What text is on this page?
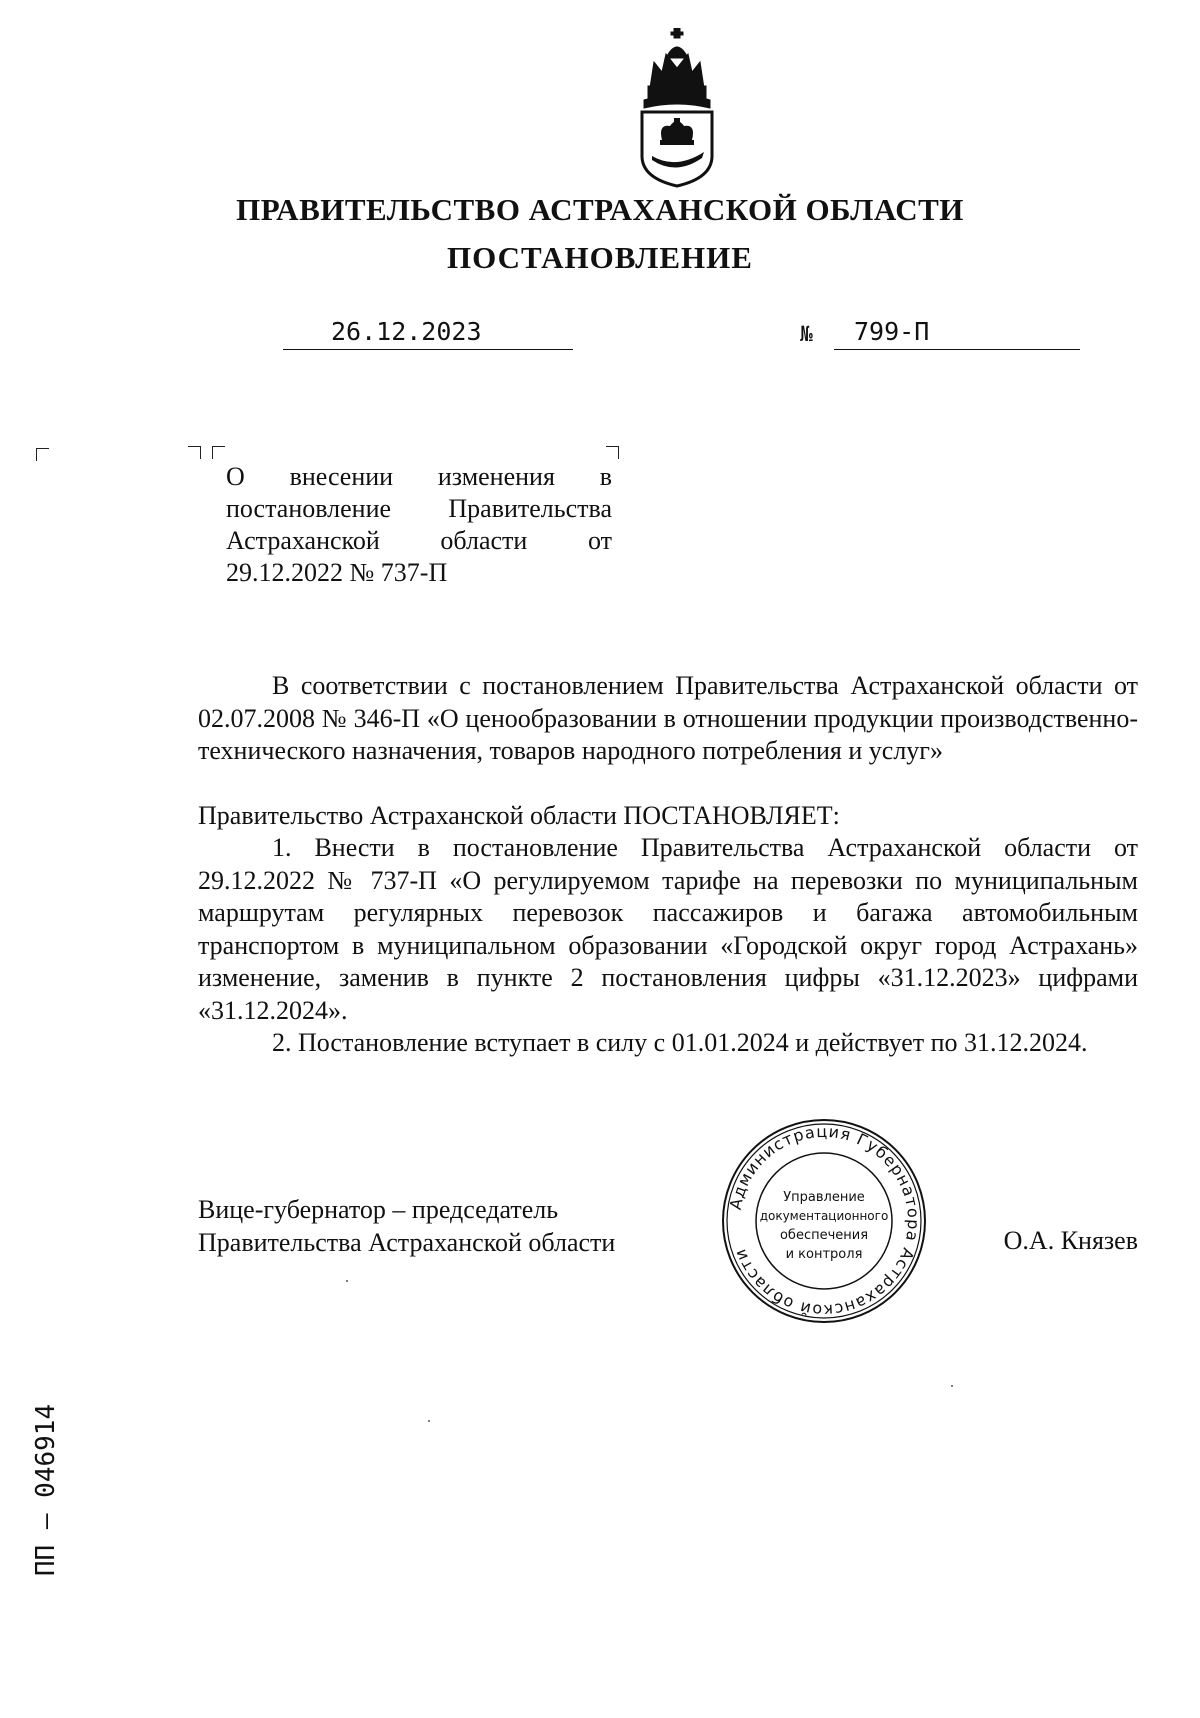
ПРАВИТЕЛЬСТВО АСТРАХАНСКОЙ ОБЛАСТИ
ПОСТАНОВЛЕНИЕ
26.12.2023	№	799-П
О внесении изменения в постановление Правительства Астраханской области от 29.12.2022 № 737-П
В соответствии с постановлением Правительства Астраханской области от 02.07.2008 № 346-П «О ценообразовании в отношении продукции производственно-технического назначения, товаров народного потребления и услуг»
Правительство Астраханской области ПОСТАНОВЛЯЕТ:
1. Внести в постановление Правительства Астраханской области от 29.12.2022 № 737-П «О регулируемом тарифе на перевозки по муниципальным маршрутам регулярных перевозок пассажиров и багажа автомобильным транспортом в муниципальном образовании «Городской округ город Астрахань» изменение, заменив в пункте 2 постановления цифры «31.12.2023» цифрами «31.12.2024».
2. Постановление вступает в силу с 01.01.2024 и действует по 31.12.2024.
Вице-губернатор – председатель
Правительства Астраханской области
Администрация Губернатора Астраханской области
Управление
документационного
обеспечения
и контроля	О.А. Князев
ПП – 046914
